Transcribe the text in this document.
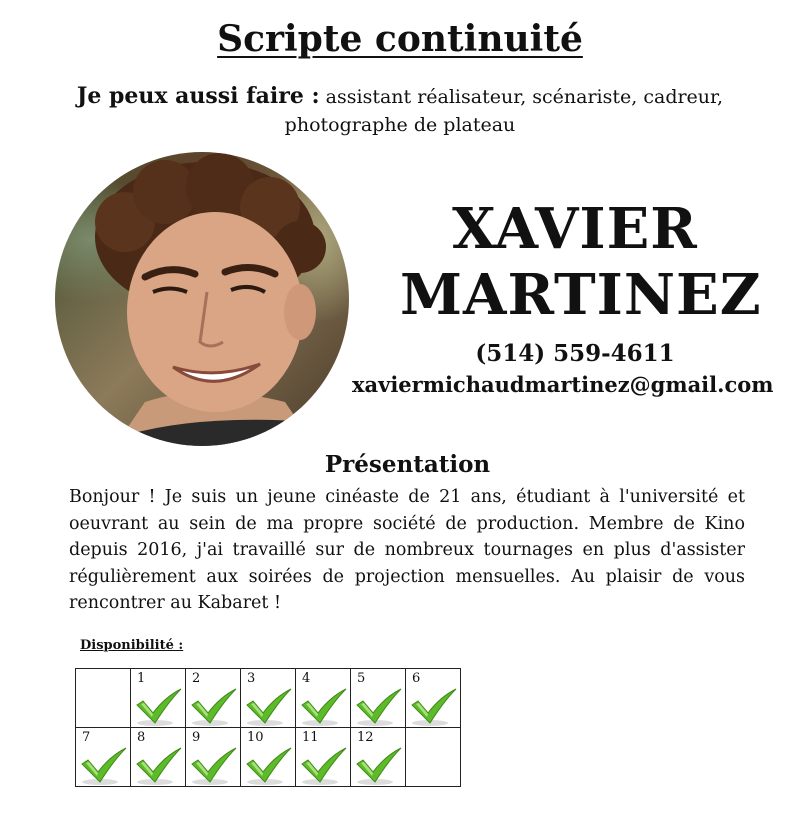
Scripte continuité
Je peux aussi faire : assistant réalisateur, scénariste, cadreur,
photographe de plateau
XAVIER
MARTINEZ
(514) 559-4611
xaviermichaudmartinez@gmail.com
Présentation
Bonjour ! Je suis un jeune cinéaste de 21 ans, étudiant à l'université et oeuvrant au sein de ma propre société de production. Membre de Kino depuis 2016, j'ai travaillé sur de nombreux tournages en plus d'assister régulièrement aux soirées de projection mensuelles. Au plaisir de vous rencontrer au Kabaret !
Disponibilité :

	1	2	3	4	5	6

7	8	9	10	11	12	
